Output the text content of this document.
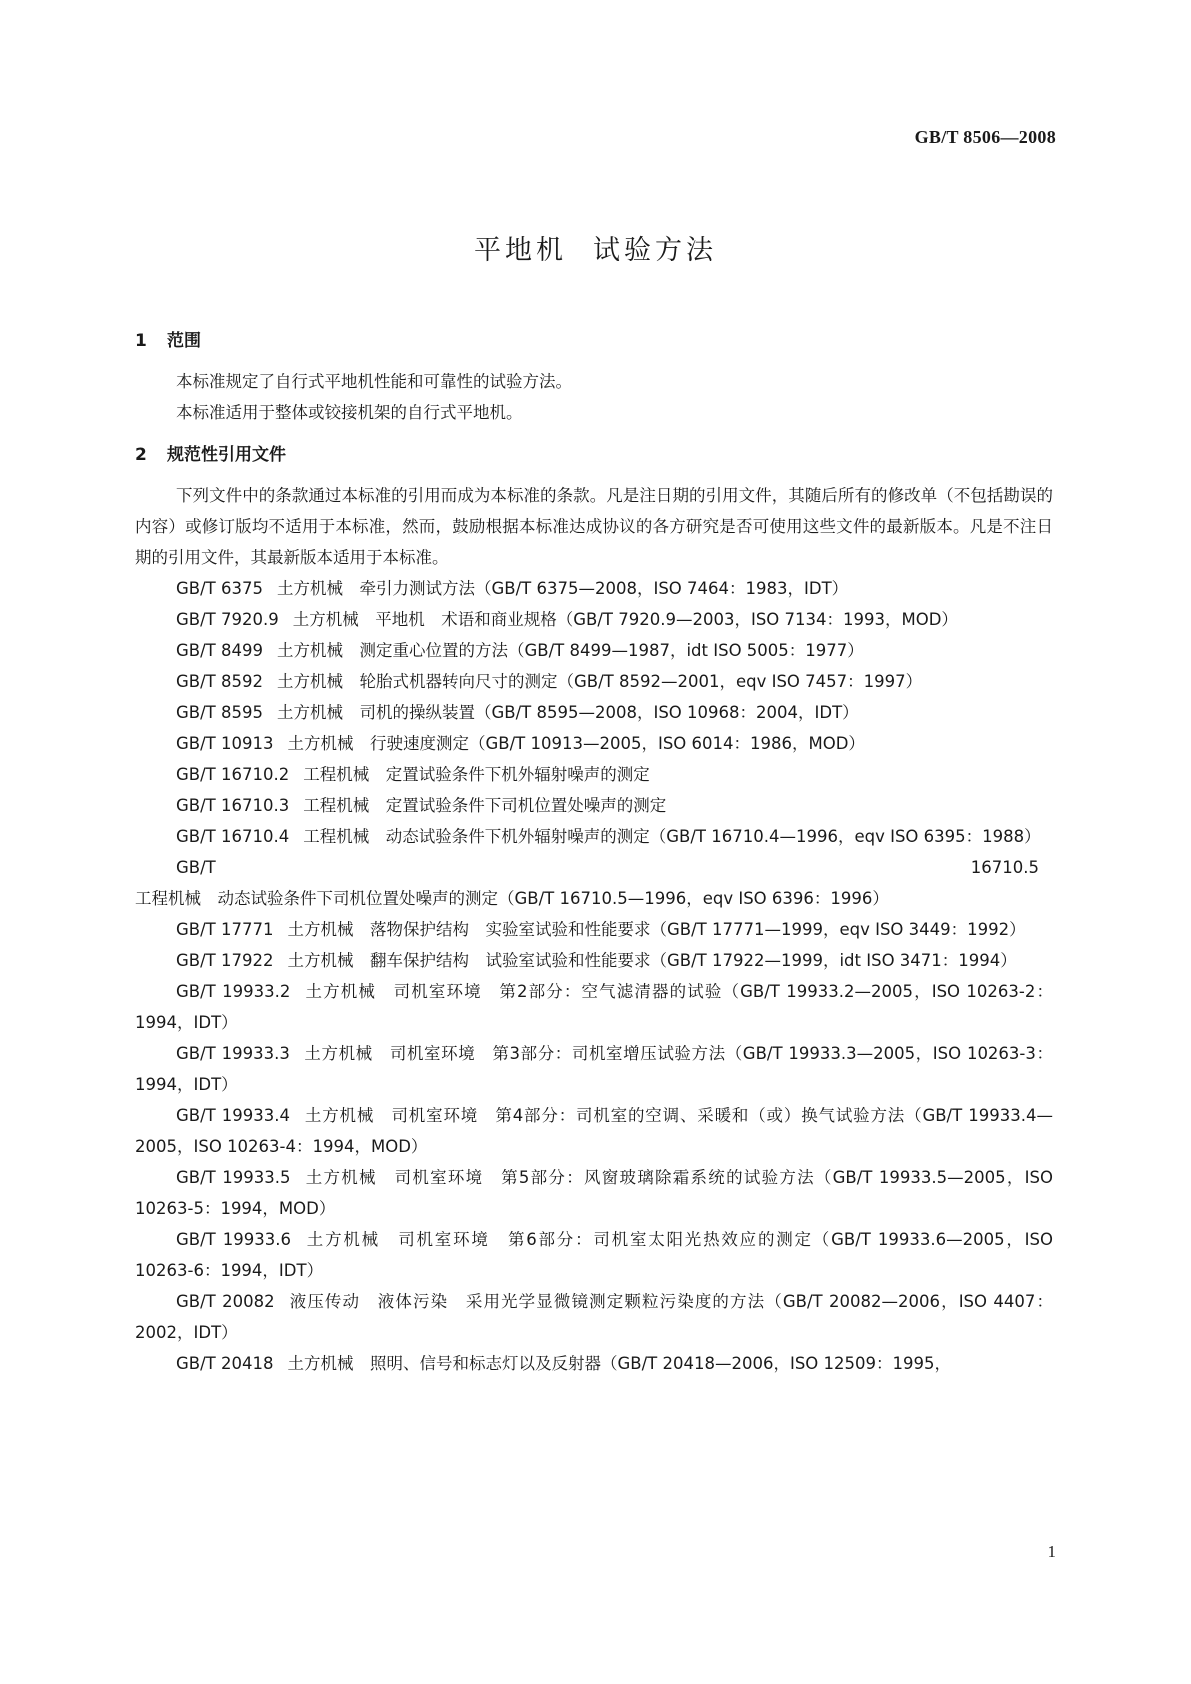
GB/T 8506—2008
平地机 试验方法
1 范围

本标准规定了自行式平地机性能和可靠性的试验方法。

本标准适用于整体或铰接机架的自行式平地机。

2 规范性引用文件

下列文件中的条款通过本标准的引用而成为本标准的条款。凡是注日期的引用文件，其随后所有的修改单（不包括勘误的内容）或修订版均不适用于本标准，然而，鼓励根据本标准达成协议的各方研究是否可使用这些文件的最新版本。凡是不注日期的引用文件，其最新版本适用于本标准。

GB/T 6375 土方机械　牵引力测试方法（GB/T 6375—2008，ISO 7464：1983，IDT）

GB/T 7920.9 土方机械　平地机　术语和商业规格（GB/T 7920.9—2003，ISO 7134：1993，MOD）

GB/T 8499 土方机械　测定重心位置的方法（GB/T 8499—1987，idt ISO 5005：1977）

GB/T 8592 土方机械　轮胎式机器转向尺寸的测定（GB/T 8592—2001，eqv ISO 7457：1997）

GB/T 8595 土方机械　司机的操纵装置（GB/T 8595—2008，ISO 10968：2004，IDT）

GB/T 10913 土方机械　行驶速度测定（GB/T 10913—2005，ISO 6014：1986，MOD）

GB/T 16710.2 工程机械　定置试验条件下机外辐射噪声的测定

GB/T 16710.3 工程机械　定置试验条件下司机位置处噪声的测定

GB/T 16710.4 工程机械　动态试验条件下机外辐射噪声的测定（GB/T 16710.4—1996，eqv ISO 6395：1988）

GB/T 16710.5工程机械　动态试验条件下司机位置处噪声的测定（GB/T 16710.5—1996，eqv ISO 6396：1996）

GB/T 17771 土方机械　落物保护结构　实验室试验和性能要求（GB/T 17771—1999，eqv ISO 3449：1992）

GB/T 17922 土方机械　翻车保护结构　试验室试验和性能要求（GB/T 17922—1999，idt ISO 3471：1994）

GB/T 19933.2 土方机械　司机室环境　第2部分：空气滤清器的试验（GB/T 19933.2—2005，ISO 10263-2：1994，IDT）

GB/T 19933.3 土方机械　司机室环境　第3部分：司机室增压试验方法（GB/T 19933.3—2005，ISO 10263-3：1994，IDT）

GB/T 19933.4 土方机械　司机室环境　第4部分：司机室的空调、采暖和（或）换气试验方法（GB/T 19933.4—2005，ISO 10263-4：1994，MOD）

GB/T 19933.5 土方机械　司机室环境　第5部分：风窗玻璃除霜系统的试验方法（GB/T 19933.5—2005，ISO 10263-5：1994，MOD）

GB/T 19933.6 土方机械　司机室环境　第6部分：司机室太阳光热效应的测定（GB/T 19933.6—2005，ISO 10263-6：1994，IDT）

GB/T 20082 液压传动　液体污染　采用光学显微镜测定颗粒污染度的方法（GB/T 20082—2006，ISO 4407：2002，IDT）

GB/T 20418 土方机械　照明、信号和标志灯以及反射器（GB/T 20418—2006，ISO 12509：1995，

1
